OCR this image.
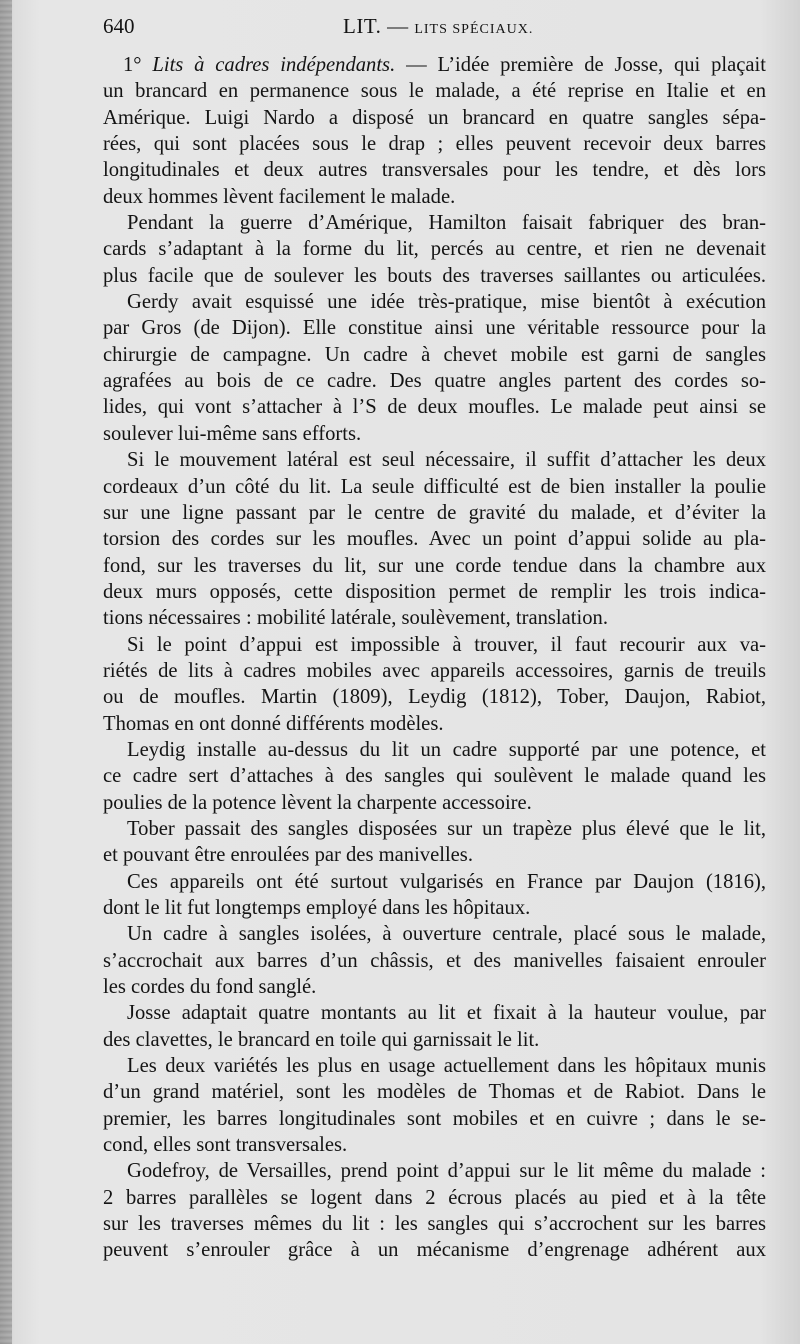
640	LIT. — LITS SPÉCIAUX.
1° Lits à cadres indépendants. — L’idée première de Josse, qui plaçait
un brancard en permanence sous le malade, a été reprise en Italie et en
Amérique. Luigi Nardo a disposé un brancard en quatre sangles sépa-
rées, qui sont placées sous le drap ; elles peuvent recevoir deux barres
longitudinales et deux autres transversales pour les tendre, et dès lors
deux hommes lèvent facilement le malade.
Pendant la guerre d’Amérique, Hamilton faisait fabriquer des bran-
cards s’adaptant à la forme du lit, percés au centre, et rien ne devenait
plus facile que de soulever les bouts des traverses saillantes ou articulées.
Gerdy avait esquissé une idée très-pratique, mise bientôt à exécution
par Gros (de Dijon). Elle constitue ainsi une véritable ressource pour la
chirurgie de campagne. Un cadre à chevet mobile est garni de sangles
agrafées au bois de ce cadre. Des quatre angles partent des cordes so-
lides, qui vont s’attacher à l’S de deux moufles. Le malade peut ainsi se
soulever lui-même sans efforts.
Si le mouvement latéral est seul nécessaire, il suffit d’attacher les deux
cordeaux d’un côté du lit. La seule difficulté est de bien installer la poulie
sur une ligne passant par le centre de gravité du malade, et d’éviter la
torsion des cordes sur les moufles. Avec un point d’appui solide au pla-
fond, sur les traverses du lit, sur une corde tendue dans la chambre aux
deux murs opposés, cette disposition permet de remplir les trois indica-
tions nécessaires : mobilité latérale, soulèvement, translation.
Si le point d’appui est impossible à trouver, il faut recourir aux va-
riétés de lits à cadres mobiles avec appareils accessoires, garnis de treuils
ou de moufles. Martin (1809), Leydig (1812), Tober, Daujon, Rabiot,
Thomas en ont donné différents modèles.
Leydig installe au-dessus du lit un cadre supporté par une potence, et
ce cadre sert d’attaches à des sangles qui soulèvent le malade quand les
poulies de la potence lèvent la charpente accessoire.
Tober passait des sangles disposées sur un trapèze plus élevé que le lit,
et pouvant être enroulées par des manivelles.
Ces appareils ont été surtout vulgarisés en France par Daujon (1816),
dont le lit fut longtemps employé dans les hôpitaux.
Un cadre à sangles isolées, à ouverture centrale, placé sous le malade,
s’accrochait aux barres d’un châssis, et des manivelles faisaient enrouler
les cordes du fond sanglé.
Josse adaptait quatre montants au lit et fixait à la hauteur voulue, par
des clavettes, le brancard en toile qui garnissait le lit.
Les deux variétés les plus en usage actuellement dans les hôpitaux munis
d’un grand matériel, sont les modèles de Thomas et de Rabiot. Dans le
premier, les barres longitudinales sont mobiles et en cuivre ; dans le se-
cond, elles sont transversales.
Godefroy, de Versailles, prend point d’appui sur le lit même du malade :
2 barres parallèles se logent dans 2 écrous placés au pied et à la tête
sur les traverses mêmes du lit : les sangles qui s’accrochent sur les barres
peuvent s’enrouler grâce à un mécanisme d’engrenage adhérent aux
